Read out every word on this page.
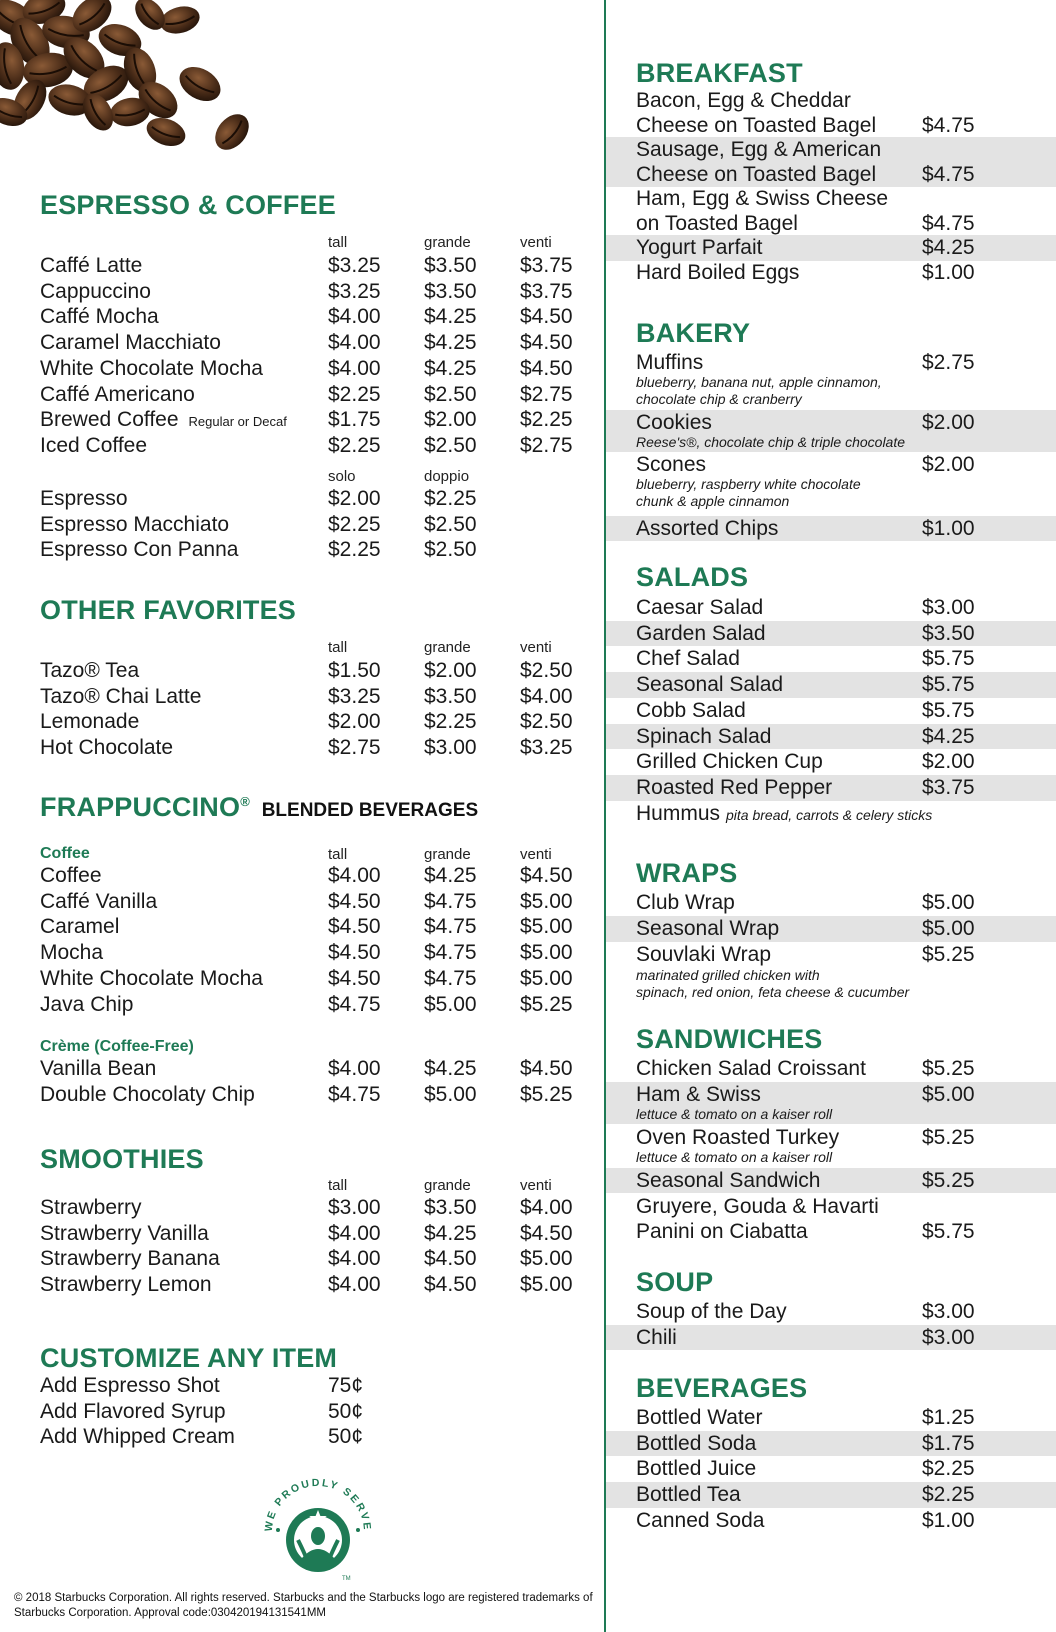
ESPRESSO & COFFEE
tall	grande	venti
Caffé Latte	$3.25 $3.50 $3.75
Cappuccino	$3.25 $3.50 $3.75
Caffé Mocha	$4.00 $4.25 $4.50
Caramel Macchiato	$4.00 $4.25 $4.50
White Chocolate Mocha	$4.00 $4.25 $4.50
Caffé Americano	$2.25 $2.50 $2.75
Brewed Coffee Regular or Decaf $1.75 $2.00 $2.25
Iced Coffee	$2.25 $2.50 $2.75
solo	doppio
Espresso	$2.00 $2.25
Espresso Macchiato	$2.25 $2.50
Espresso Con Panna	$2.25 $2.50
OTHER FAVORITES
tall	grande	venti
Tazo® Tea	$1.50 $2.00 $2.50
Tazo® Chai Latte	$3.25 $3.50 $4.00
Lemonade	$2.00 $2.25 $2.50
Hot Chocolate	$2.75 $3.00 $3.25
FRAPPUCCINO® BLENDED BEVERAGES
Coffee	tall	grande	venti
Coffee	$4.00 $4.25 $4.50
Caffé Vanilla	$4.50 $4.75 $5.00
Caramel	$4.50 $4.75 $5.00
Mocha	$4.50 $4.75 $5.00
White Chocolate Mocha	$4.50 $4.75 $5.00
Java Chip	$4.75 $5.00 $5.25
Crème (Coffee-Free)
Vanilla Bean	$4.00 $4.25 $4.50
Double Chocolaty Chip	$4.75 $5.00 $5.25
SMOOTHIES
tall	grande	venti
Strawberry	$3.00 $3.50 $4.00
Strawberry Vanilla	$4.00 $4.25 $4.50
Strawberry Banana	$4.00 $4.50 $5.00
Strawberry Lemon	$4.00 $4.50 $5.00
CUSTOMIZE ANY ITEM
Add Espresso Shot	75¢
Add Flavored Syrup	50¢
Add Whipped Cream	50¢
WE PROUDLY SERVE
TM
© 2018 Starbucks Corporation. All rights reserved. Starbucks and the Starbucks logo are registered trademarks of Starbucks Corporation. Approval code:030420194131541MM
BREAKFAST
BAKERY
SALADS
WRAPS
SANDWICHES
SOUP
BEVERAGES
Bacon, Egg & Cheddar
Cheese on Toasted Bagel $4.75
Sausage, Egg & American
Cheese on Toasted Bagel $4.75
Ham, Egg & Swiss Cheese
on Toasted Bagel	$4.75
Yogurt Parfait	$4.25
Hard Boiled Eggs	$1.00
Muffins	$2.75
blueberry, banana nut, apple cinnamon,
chocolate chip & cranberry
Cookies	$2.00
Reese's®, chocolate chip & triple chocolate
Scones	$2.00
blueberry, raspberry white chocolate
chunk & apple cinnamon
Assorted Chips	$1.00
Caesar Salad	$3.00
Garden Salad	$3.50
Chef Salad	$5.75
Seasonal Salad	$5.75
Cobb Salad	$5.75
Spinach Salad	$4.25
Grilled Chicken Cup	$2.00
Roasted Red Pepper	$3.75
Hummus pita bread, carrots & celery sticks
Club Wrap	$5.00
Seasonal Wrap	$5.00
Souvlaki Wrap	$5.25
marinated grilled chicken with
spinach, red onion, feta cheese & cucumber
Chicken Salad Croissant	$5.25
Ham & Swiss	$5.00
lettuce & tomato on a kaiser roll
Oven Roasted Turkey	$5.25
lettuce & tomato on a kaiser roll
Seasonal Sandwich	$5.25
Gruyere, Gouda & Havarti
Panini on Ciabatta	$5.75
Soup of the Day	$3.00
Chili	$3.00
Bottled Water	$1.25
Bottled Soda	$1.75
Bottled Juice	$2.25
Bottled Tea	$2.25
Canned Soda	$1.00
